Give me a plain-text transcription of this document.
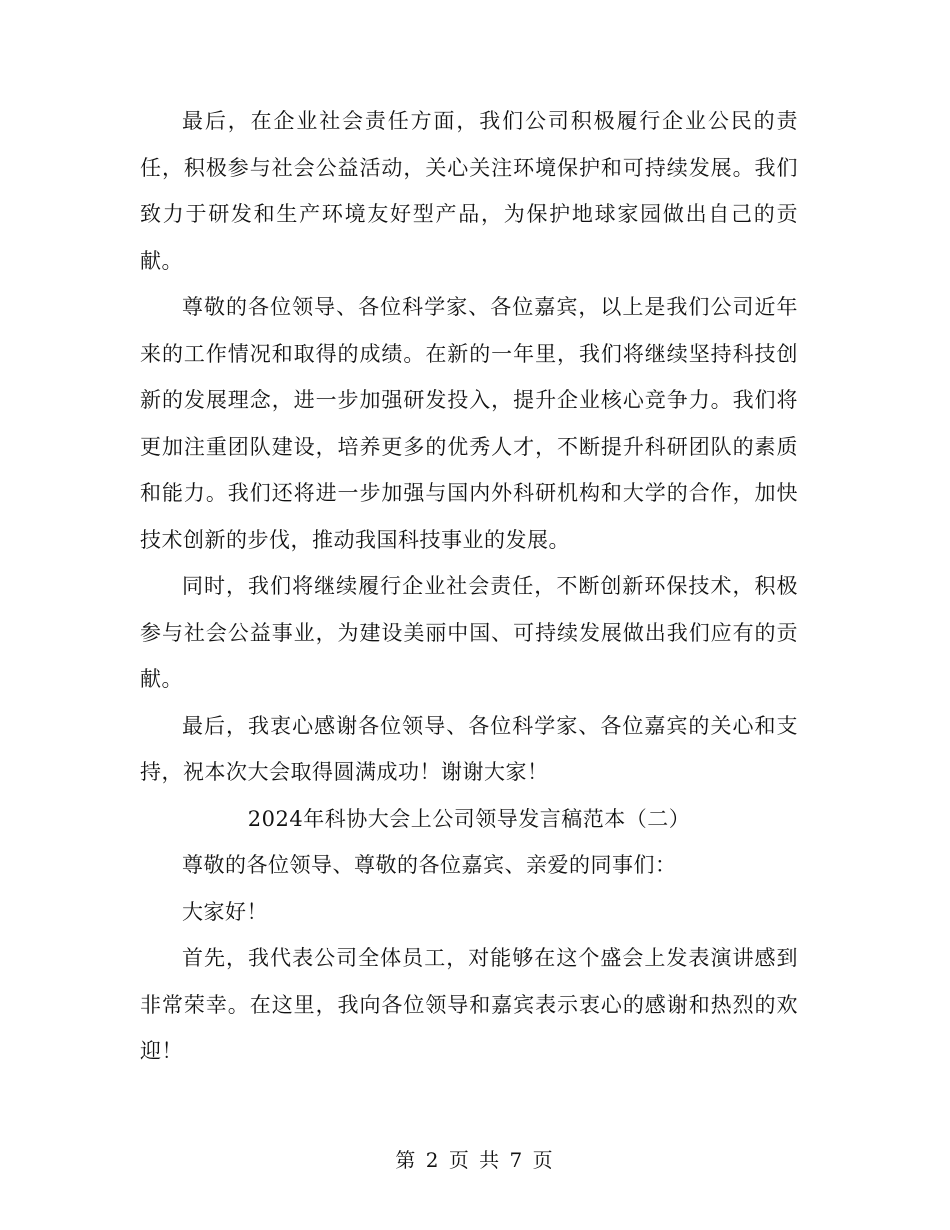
最后，在企业社会责任方面，我们公司积极履行企业公民的责任，积极参与社会公益活动，关心关注环境保护和可持续发展。我们致力于研发和生产环境友好型产品，为保护地球家园做出自己的贡献。

尊敬的各位领导、各位科学家、各位嘉宾，以上是我们公司近年来的工作情况和取得的成绩。在新的一年里，我们将继续坚持科技创新的发展理念，进一步加强研发投入，提升企业核心竞争力。我们将更加注重团队建设，培养更多的优秀人才，不断提升科研团队的素质和能力。我们还将进一步加强与国内外科研机构和大学的合作，加快技术创新的步伐，推动我国科技事业的发展。

同时，我们将继续履行企业社会责任，不断创新环保技术，积极参与社会公益事业，为建设美丽中国、可持续发展做出我们应有的贡献。

最后，我衷心感谢各位领导、各位科学家、各位嘉宾的关心和支持，祝本次大会取得圆满成功！谢谢大家！

2024年科协大会上公司领导发言稿范本（二）

尊敬的各位领导、尊敬的各位嘉宾、亲爱的同事们：

大家好！

首先，我代表公司全体员工，对能够在这个盛会上发表演讲感到非常荣幸。在这里，我向各位领导和嘉宾表示衷心的感谢和热烈的欢迎！

第 2 页 共 7 页
